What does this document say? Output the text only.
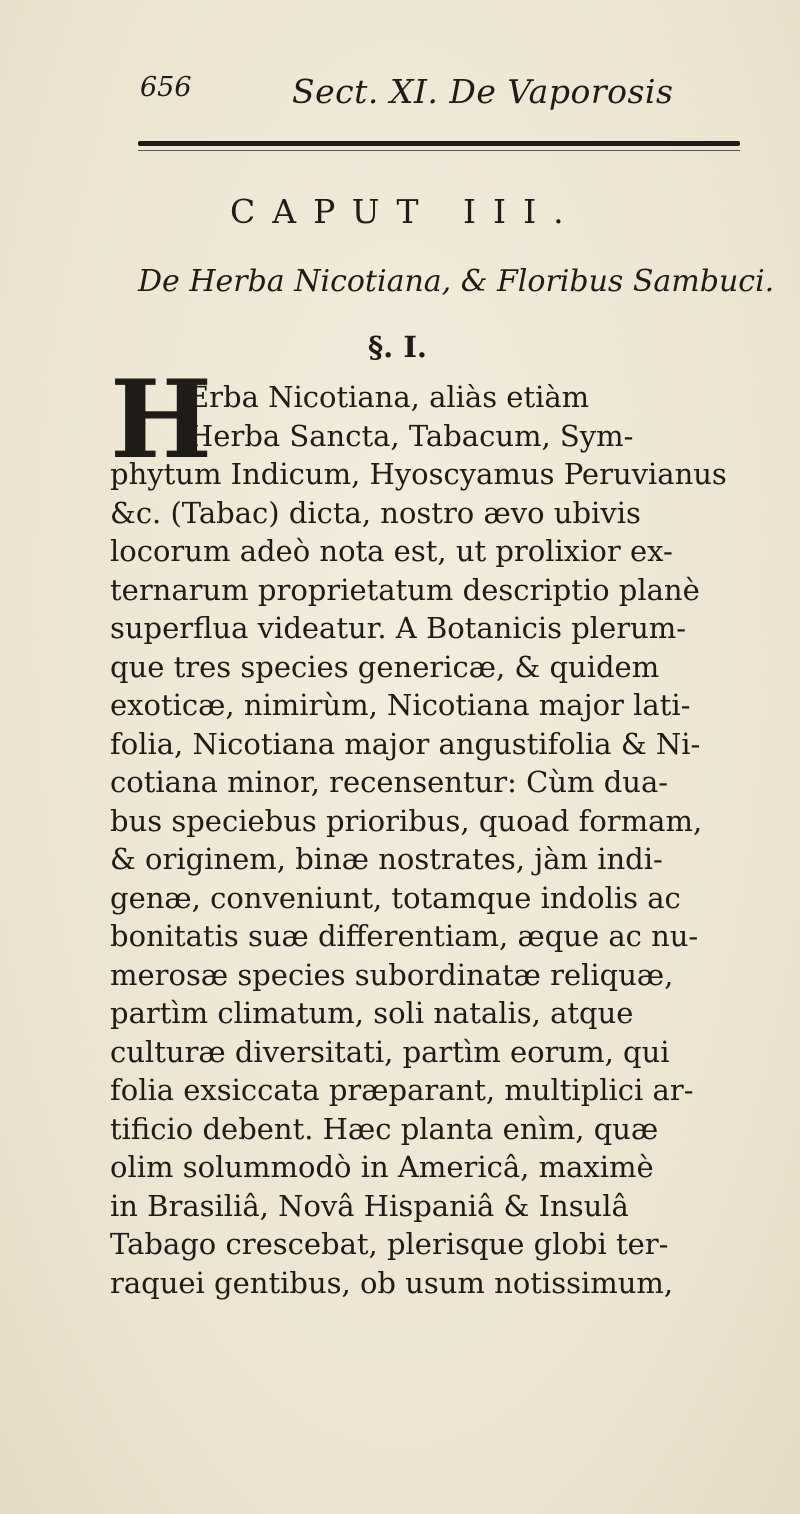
656	Sect. XI. De Vaporosis
CAPUT III.
De Herba Nicotiana, & Floribus Sambuci.
§. I.
H
Erba Nicotiana, aliàs etiàm
Herba Sancta, Tabacum, Sym-
phytum Indicum, Hyoscyamus Peruvianus
&c. (Tabac) dicta, nostro ævo ubivis
locorum adeò nota est, ut prolixior ex-
ternarum proprietatum descriptio planè
superflua videatur. A Botanicis plerum-
que tres species genericæ, & quidem
exoticæ, nimirùm, Nicotiana major lati-
folia, Nicotiana major angustifolia & Ni-
cotiana minor, recensentur: Cùm dua-
bus speciebus prioribus, quoad formam,
& originem, binæ nostrates, jàm indi-
genæ, conveniunt, totamque indolis ac
bonitatis suæ differentiam, æque ac nu-
merosæ species subordinatæ reliquæ,
partìm climatum, soli natalis, atque
culturæ diversitati, partìm eorum, qui
folia exsiccata præparant, multiplici ar-
tificio debent. Hæc planta enìm, quæ
olim solummodò in Americâ, maximè
in Brasiliâ, Novâ Hispaniâ & Insulâ
Tabago crescebat, plerisque globi ter-
raquei gentibus, ob usum notissimum,
